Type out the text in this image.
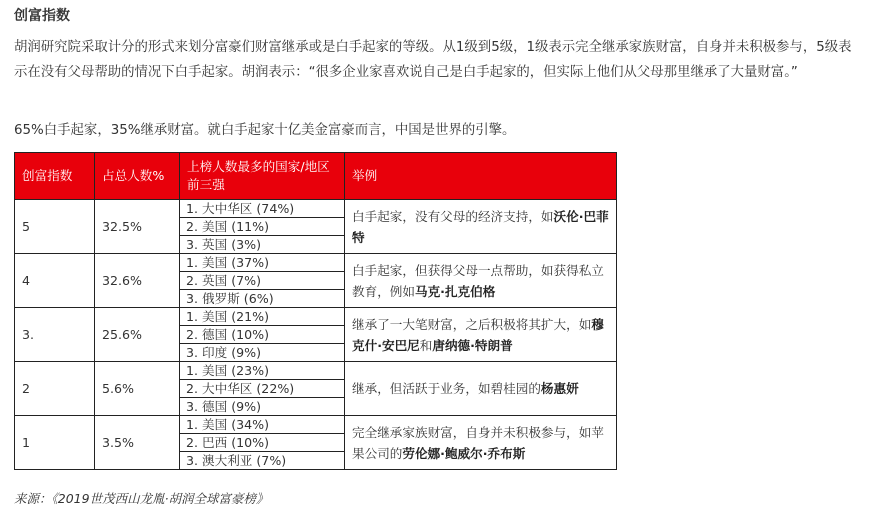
创富指数
胡润研究院采取计分的形式来划分富豪们财富继承或是白手起家的等级。从1级到5级，1级表示完全继承家族财富，自身并未积极参与，5级表示在没有父母帮助的情况下白手起家。胡润表示：“很多企业家喜欢说自己是白手起家的，但实际上他们从父母那里继承了大量财富。”
65%白手起家，35%继承财富。就白手起家十亿美金富豪而言，中国是世界的引擎。
创富指数	占总人数%	上榜人数最多的国家/地区前三强	举例
5	32.5%	1. 大中华区 (74%)	白手起家，没有父母的经济支持，如沃伦·巴菲特
		2. 美国 (11%)	
		3. 英国 (3%)	
4	32.6%	1. 美国 (37%)	白手起家，但获得父母一点帮助，如获得私立教育，例如马克·扎克伯格
		2. 英国 (7%)	
		3. 俄罗斯 (6%)	
3.	25.6%	1. 美国 (21%)	继承了一大笔财富，之后积极将其扩大，如穆克什·安巴尼和唐纳德·特朗普
		2. 德国 (10%)	
		3. 印度 (9%)	
2	5.6%	1. 美国 (23%)	继承，但活跃于业务，如碧桂园的杨惠妍
		2. 大中华区 (22%)	
		3. 德国 (9%)	
1	3.5%	1. 美国 (34%)	完全继承家族财富，自身并未积极参与，如苹果公司的劳伦娜·鲍威尔·乔布斯
		2. 巴西 (10%)	
		3. 澳大利亚 (7%)	
来源：《2019世茂西山龙胤·胡润全球富豪榜》
